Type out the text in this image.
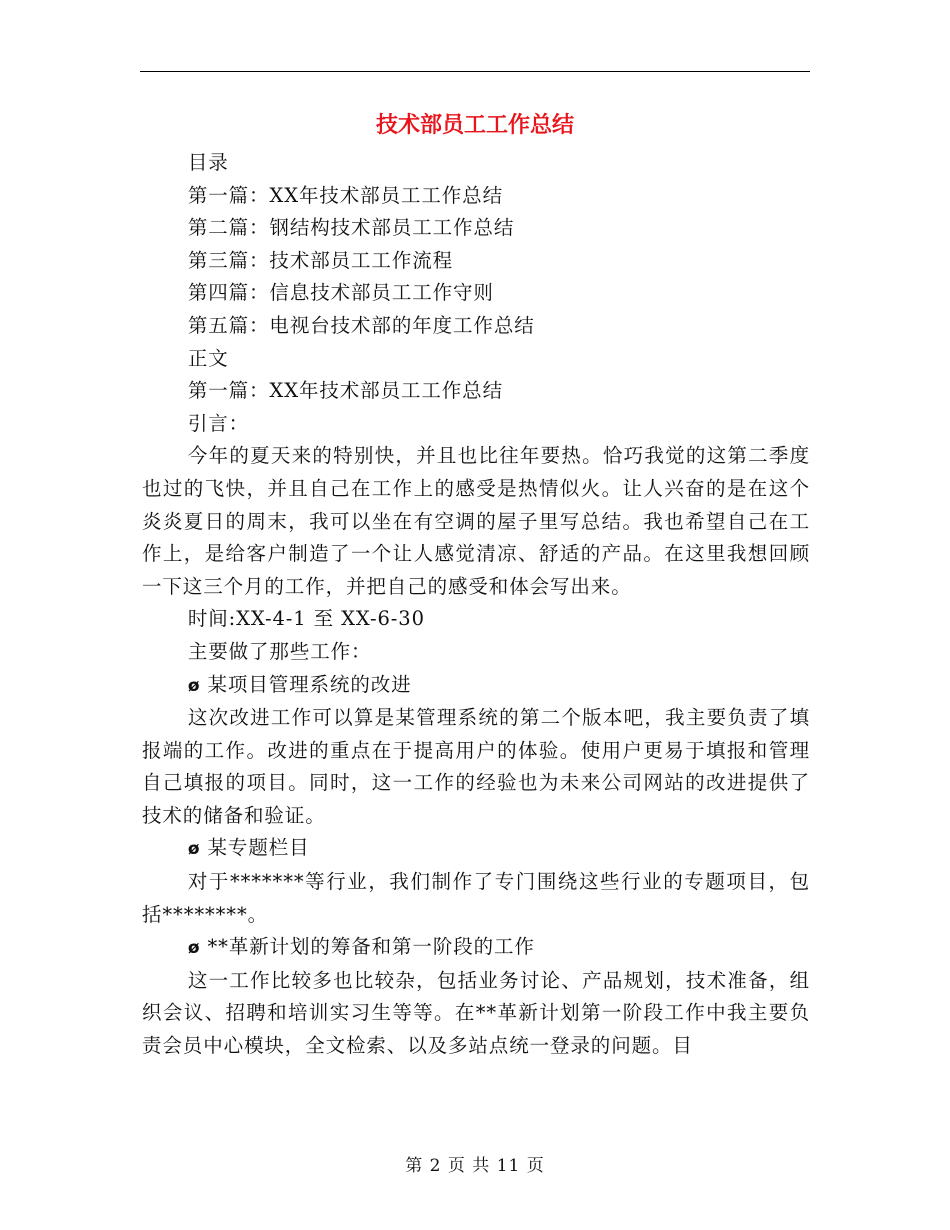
技术部员工工作总结

目录

第一篇：XX年技术部员工工作总结

第二篇：钢结构技术部员工工作总结

第三篇：技术部员工工作流程

第四篇：信息技术部员工工作守则

第五篇：电视台技术部的年度工作总结

正文

第一篇：XX年技术部员工工作总结

引言：

今年的夏天来的特别快，并且也比往年要热。恰巧我觉的这第二季度也过的飞快，并且自己在工作上的感受是热情似火。让人兴奋的是在这个炎炎夏日的周末，我可以坐在有空调的屋子里写总结。我也希望自己在工作上，是给客户制造了一个让人感觉清凉、舒适的产品。在这里我想回顾一下这三个月的工作，并把自己的感受和体会写出来。

时间:XX-4-1 至 XX-6-30

主要做了那些工作：

ø 某项目管理系统的改进

这次改进工作可以算是某管理系统的第二个版本吧，我主要负责了填报端的工作。改进的重点在于提高用户的体验。使用户更易于填报和管理自己填报的项目。同时，这一工作的经验也为未来公司网站的改进提供了技术的储备和验证。

ø 某专题栏目

对于*******等行业，我们制作了专门围绕这些行业的专题项目，包括********。

ø **革新计划的筹备和第一阶段的工作

这一工作比较多也比较杂，包括业务讨论、产品规划，技术准备，组织会议、招聘和培训实习生等等。在**革新计划第一阶段工作中我主要负责会员中心模块，全文检索、以及多站点统一登录的问题。目

第 2 页 共 11 页
